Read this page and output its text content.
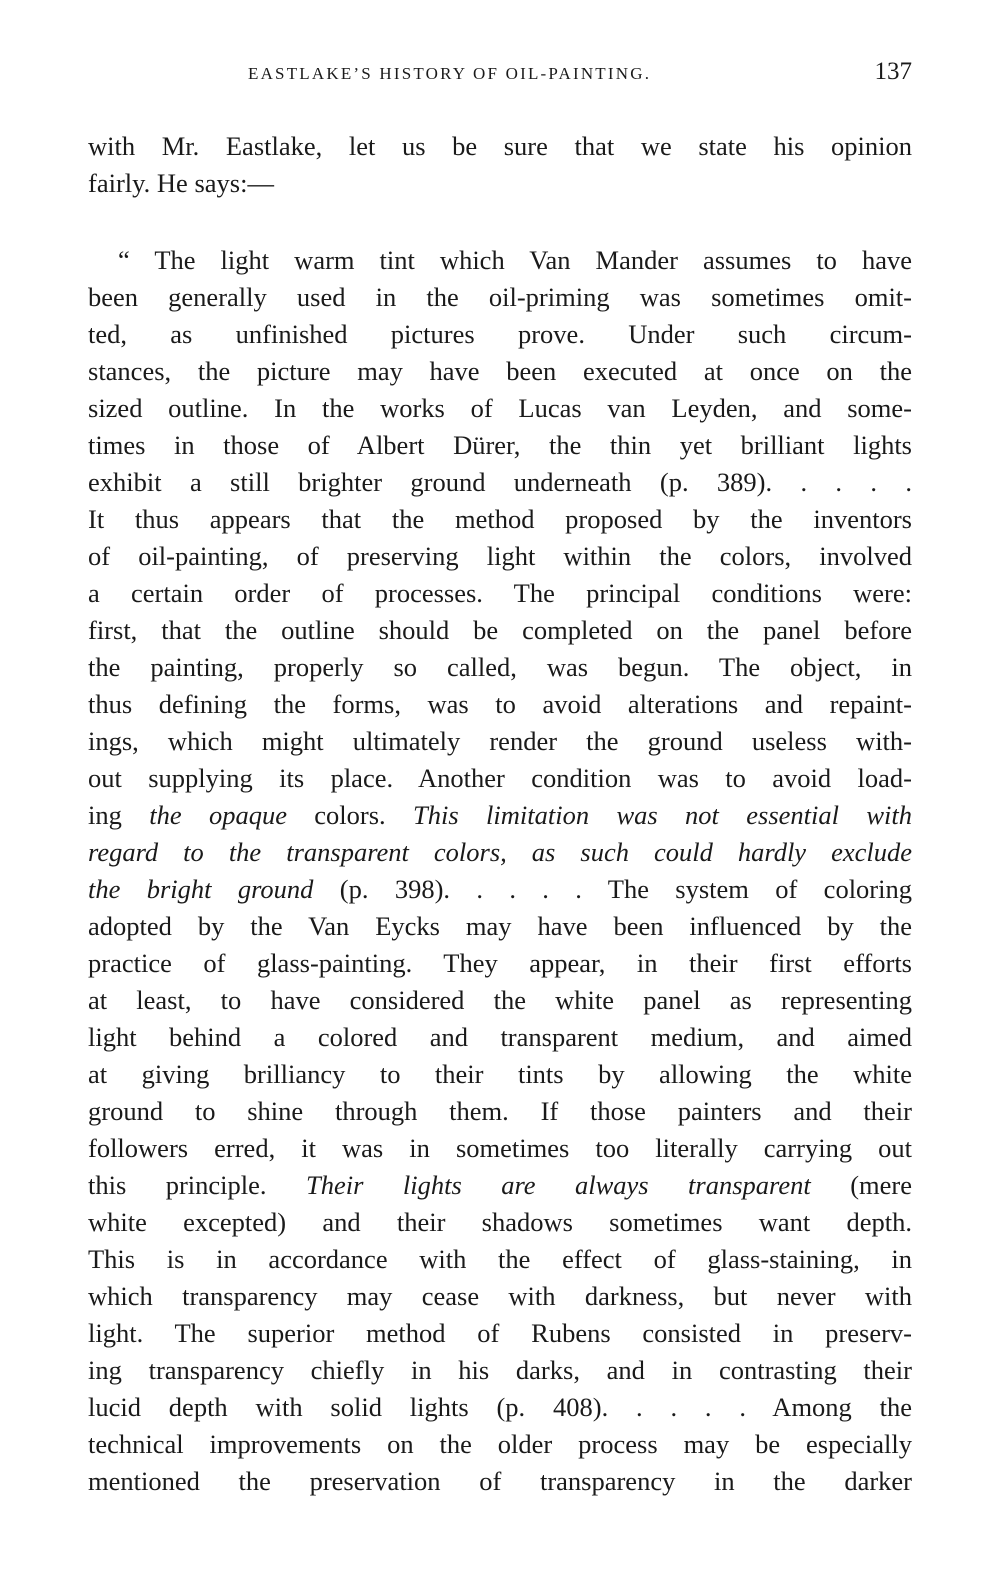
EASTLAKE’S HISTORY OF OIL-PAINTING.	137
with Mr. Eastlake, let us be sure that we state his opinion
fairly. He says:—
“ The light warm tint which Van Mander assumes to have
been generally used in the oil-priming was sometimes omit-
ted, as unfinished pictures prove. Under such circum-
stances, the picture may have been executed at once on the
sized outline. In the works of Lucas van Leyden, and some-
times in those of Albert Dürer, the thin yet brilliant lights
exhibit a still brighter ground underneath (p. 389). . . . .
It thus appears that the method proposed by the inventors
of oil-painting, of preserving light within the colors, involved
a certain order of processes. The principal conditions were:
first, that the outline should be completed on the panel before
the painting, properly so called, was begun. The object, in
thus defining the forms, was to avoid alterations and repaint-
ings, which might ultimately render the ground useless with-
out supplying its place. Another condition was to avoid load-
ing the opaque colors. This limitation was not essential with
regard to the transparent colors, as such could hardly exclude
the bright ground (p. 398). . . . . The system of coloring
adopted by the Van Eycks may have been influenced by the
practice of glass-painting. They appear, in their first efforts
at least, to have considered the white panel as representing
light behind a colored and transparent medium, and aimed
at giving brilliancy to their tints by allowing the white
ground to shine through them. If those painters and their
followers erred, it was in sometimes too literally carrying out
this principle. Their lights are always transparent (mere
white excepted) and their shadows sometimes want depth.
This is in accordance with the effect of glass-staining, in
which transparency may cease with darkness, but never with
light. The superior method of Rubens consisted in preserv-
ing transparency chiefly in his darks, and in contrasting their
lucid depth with solid lights (p. 408). . . . . Among the
technical improvements on the older process may be especially
mentioned the preservation of transparency in the darker
